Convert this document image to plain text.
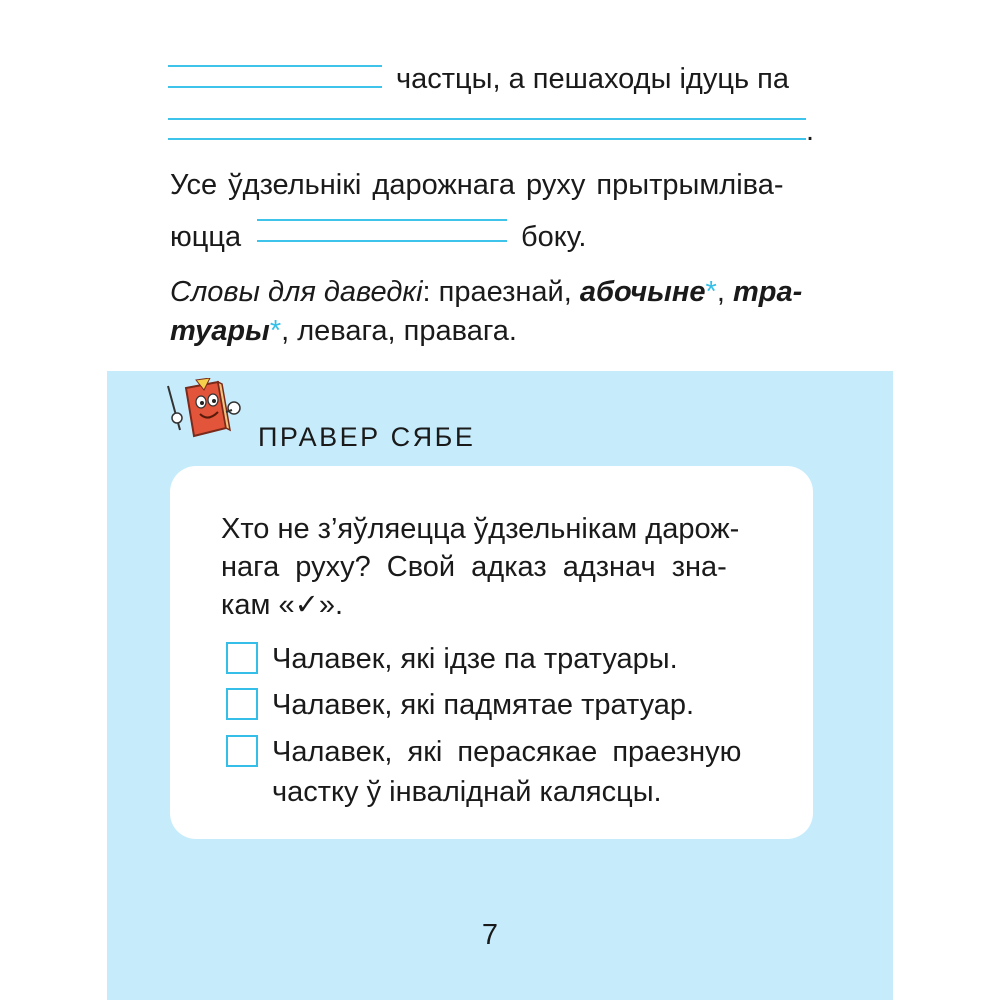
частцы, а пешаходы ідуць па
.
Усе ўдзельнікі дарожнага руху прытрымліва-
юцца	боку.
Словы для даведкі: праезнай, абочыне*, тра-
туары*, левага, правага.
ПРАВЕР СЯБЕ
Хто не з’яўляецца ўдзельнікам дарож-
нага руху? Свой адказ адзнач зна-
кам «✓».
Чалавек, які ідзе па тратуары.
Чалавек, які падмятае тратуар.
Чалавек, які перасякае праезную
частку ў інваліднай калясцы.
7
